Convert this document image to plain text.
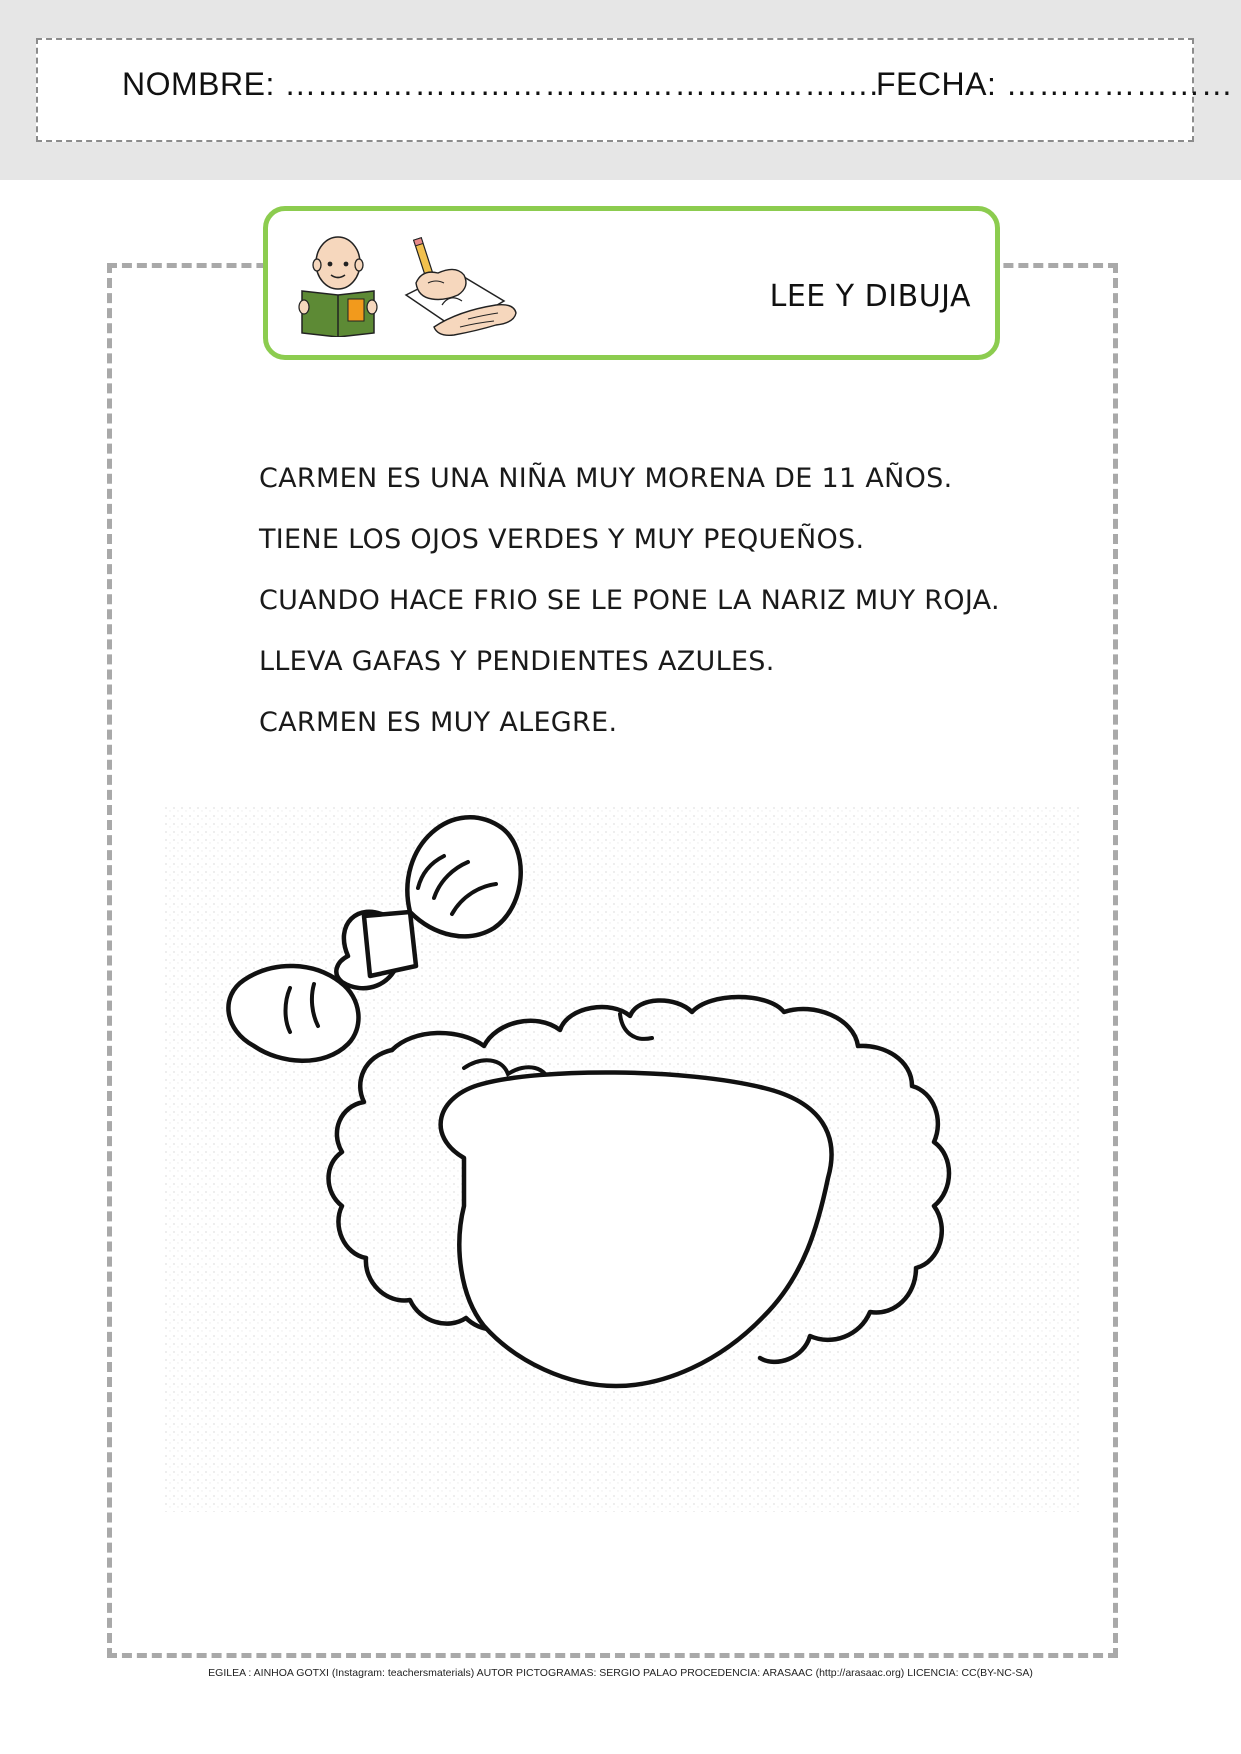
NOMBRE: ……………………………………………….
FECHA: …………………
LEE Y DIBUJA
CARMEN ES UNA NIÑA MUY MORENA DE 11 AÑOS.
TIENE LOS OJOS VERDES Y MUY PEQUEÑOS.
CUANDO HACE FRIO SE LE PONE LA NARIZ MUY ROJA.
LLEVA GAFAS Y PENDIENTES AZULES.
CARMEN ES MUY ALEGRE.
EGILEA : AINHOA GOTXI (Instagram: teachersmaterials) AUTOR PICTOGRAMAS: SERGIO PALAO PROCEDENCIA: ARASAAC (http://arasaac.org) LICENCIA: CC(BY-NC-SA)
